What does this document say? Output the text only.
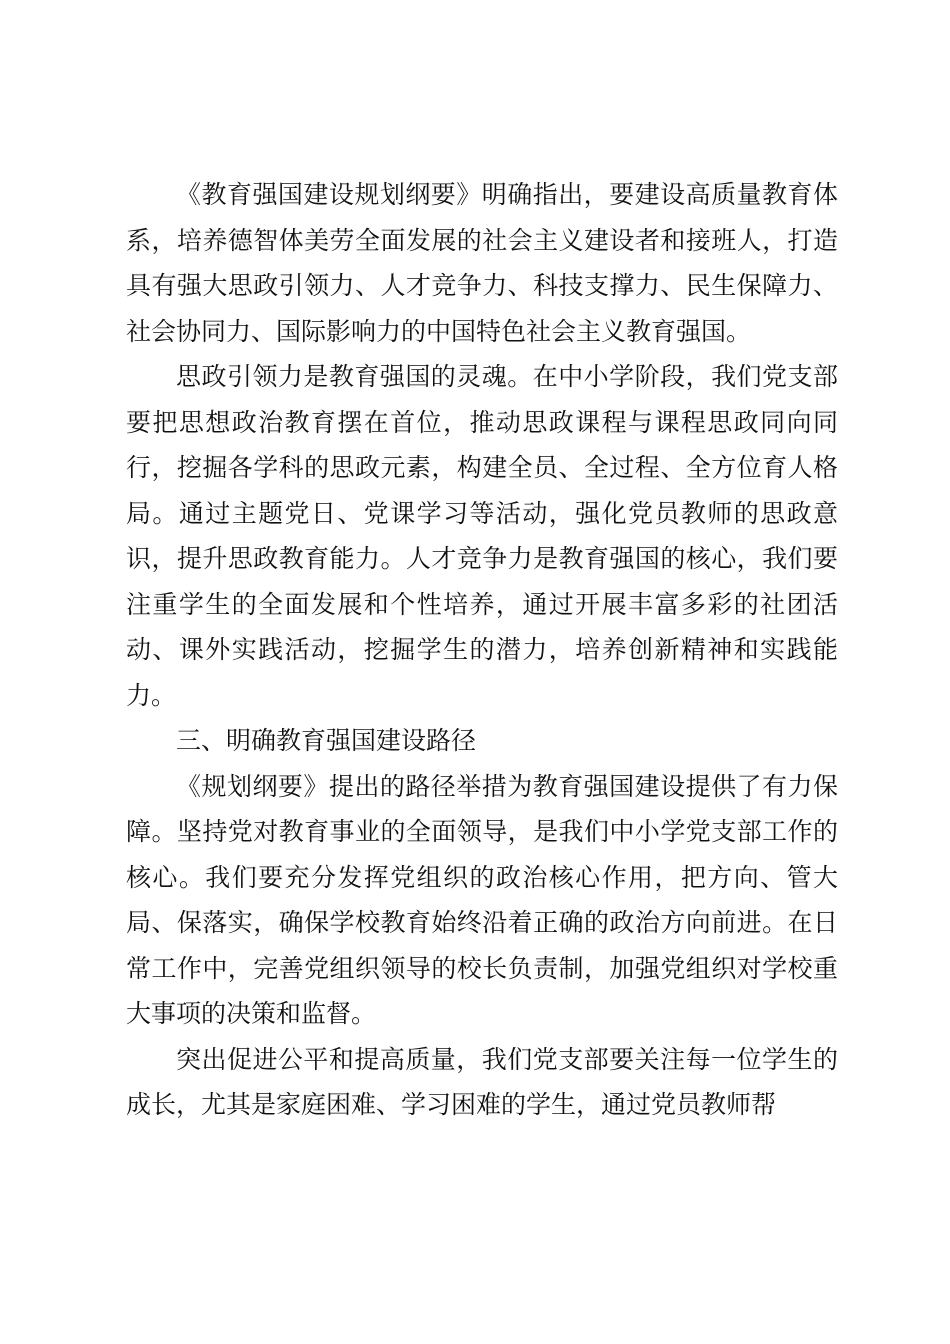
《教育强国建设规划纲要》明确指出，要建设高质量教育体系，培养德智体美劳全面发展的社会主义建设者和接班人，打造具有强大思政引领力、人才竞争力、科技支撑力、民生保障力、社会协同力、国际影响力的中国特色社会主义教育强国。

思政引领力是教育强国的灵魂。在中小学阶段，我们党支部要把思想政治教育摆在首位，推动思政课程与课程思政同向同行，挖掘各学科的思政元素，构建全员、全过程、全方位育人格局。通过主题党日、党课学习等活动，强化党员教师的思政意识，提升思政教育能力。人才竞争力是教育强国的核心，我们要注重学生的全面发展和个性培养，通过开展丰富多彩的社团活动、课外实践活动，挖掘学生的潜力，培养创新精神和实践能力。

三、明确教育强国建设路径

《规划纲要》提出的路径举措为教育强国建设提供了有力保障。坚持党对教育事业的全面领导，是我们中小学党支部工作的核心。我们要充分发挥党组织的政治核心作用，把方向、管大局、保落实，确保学校教育始终沿着正确的政治方向前进。在日常工作中，完善党组织领导的校长负责制，加强党组织对学校重大事项的决策和监督。

突出促进公平和提高质量，我们党支部要关注每一位学生的成长，尤其是家庭困难、学习困难的学生，通过党员教师帮
